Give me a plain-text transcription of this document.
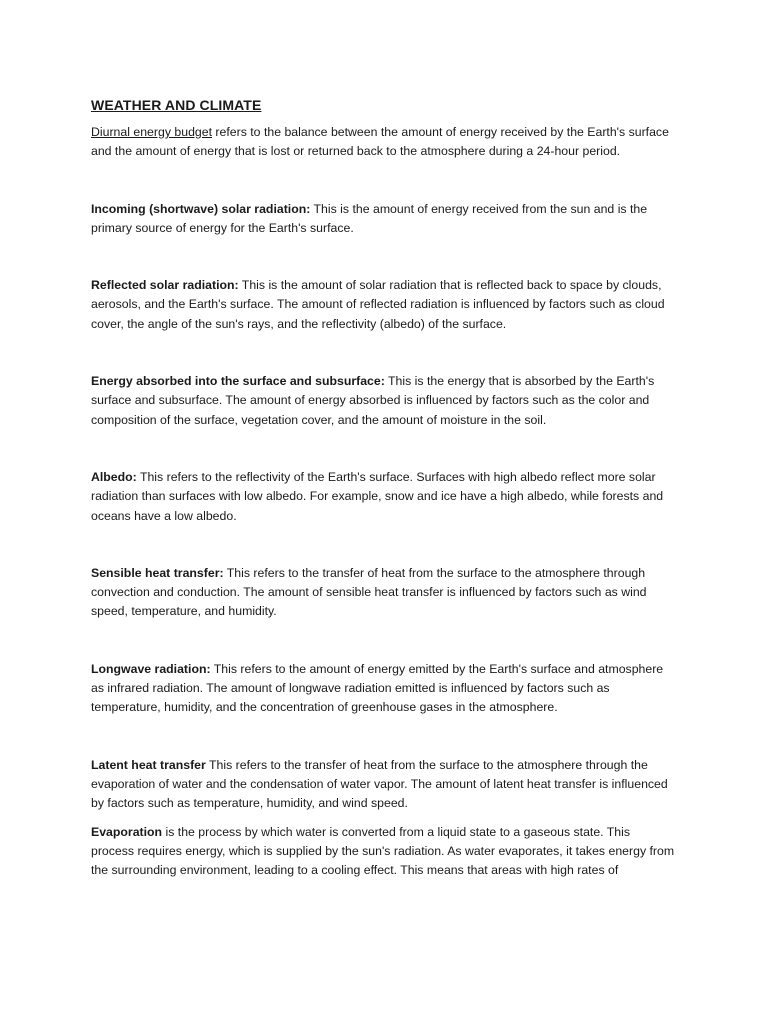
WEATHER AND CLIMATE

Diurnal energy budget refers to the balance between the amount of energy received by the Earth's surface and the amount of energy that is lost or returned back to the atmosphere during a 24-hour period.

Incoming (shortwave) solar radiation: This is the amount of energy received from the sun and is the primary source of energy for the Earth's surface.

Reflected solar radiation: This is the amount of solar radiation that is reflected back to space by clouds, aerosols, and the Earth's surface. The amount of reflected radiation is influenced by factors such as cloud cover, the angle of the sun's rays, and the reflectivity (albedo) of the surface.

Energy absorbed into the surface and subsurface: This is the energy that is absorbed by the Earth's surface and subsurface. The amount of energy absorbed is influenced by factors such as the color and composition of the surface, vegetation cover, and the amount of moisture in the soil.

Albedo: This refers to the reflectivity of the Earth's surface. Surfaces with high albedo reflect more solar radiation than surfaces with low albedo. For example, snow and ice have a high albedo, while forests and oceans have a low albedo.

Sensible heat transfer: This refers to the transfer of heat from the surface to the atmosphere through convection and conduction. The amount of sensible heat transfer is influenced by factors such as wind speed, temperature, and humidity.

Longwave radiation: This refers to the amount of energy emitted by the Earth's surface and atmosphere as infrared radiation. The amount of longwave radiation emitted is influenced by factors such as temperature, humidity, and the concentration of greenhouse gases in the atmosphere.

Latent heat transfer This refers to the transfer of heat from the surface to the atmosphere through the evaporation of water and the condensation of water vapor. The amount of latent heat transfer is influenced by factors such as temperature, humidity, and wind speed.

Evaporation is the process by which water is converted from a liquid state to a gaseous state. This process requires energy, which is supplied by the sun's radiation. As water evaporates, it takes energy from the surrounding environment, leading to a cooling effect. This means that areas with high rates of
